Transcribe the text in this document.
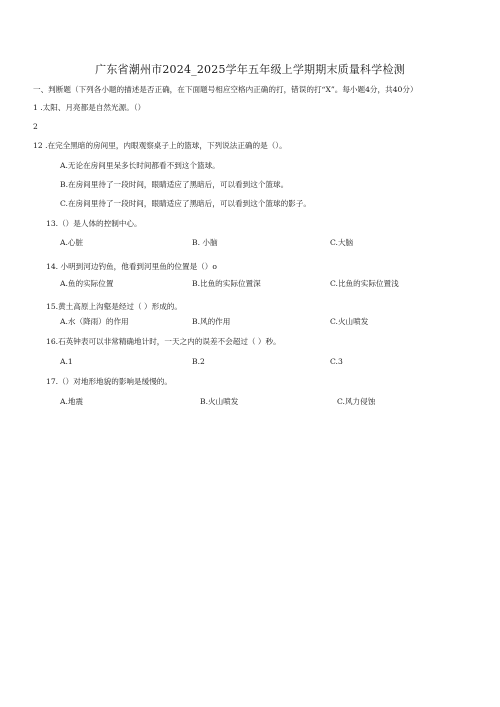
广东省潮州市2024_2025学年五年级上学期期末质量科学检测
一、判断题（下列各小题的描述是否正确，在下面题号相应空格内正确的打，错误的打“X”。每小题4分，共40分）
1 .太阳、月亮都是自然光源。（）
2
12 .在完全黑暗的房间里，内眼观察桌子上的篮球，下列说法正确的是（）。
A.无论在房间里呆多长时间都看不到这个篮球。
B.在房间里待了一段时间，眼睛适应了黑暗后，可以看到这个篮球。
C.在房间里待了一段时间，眼睛适应了黑暗后，可以看到这个篮球的影子。
13.（）是人体的控制中心。
A.心脏	B. 小脑	C.大脑
14. 小明到河边钓鱼，他看到河里鱼的位置是（）o
A.鱼的实际位置	B.比鱼的实际位置深	C.比鱼的实际位置浅
15.黄土高原上沟壑是经过（ ）形成的。
A.水（降雨）的作用	B.风的作用	C.火山喷发
16.石英钟表可以非常精确地计时，一天之内的误差不会超过（ ）秒。
A.1	B.2	C.3
17.（）对地形地貌的影响是缓慢的。
A.地震	B.火山喷发	C.风力侵蚀
